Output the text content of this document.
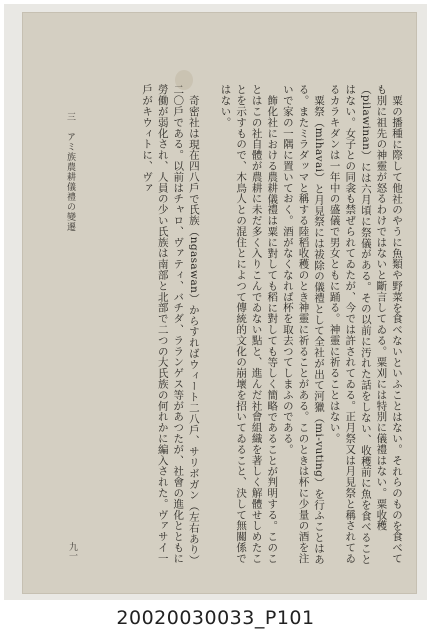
三　アミ族農耕儀禮の變遷	粟の播種に際して他社のやうに魚類や野菜を食べないといふことはない。それらのものを食べても別に祖先の神靈が怒るわけではないと斷言してゐる。粟刈には特別に儀禮はない。粟收穫（pilawinan）には六月頃に祭儀がある。その以前に汚れた話をしない、收穫前に魚を食べることはない。女子との同衾も禁ぜられてゐたが、今では許されてゐる。正月祭又は月見祭と稱されてゐるカラキダンは一年中の盛儀で男女ともに踊る。神靈に祈ることはない。

粟祭（mihavai）と月見祭には祓除の儀禮として全社が出て河獵（mi-vuting）を行ふことはある。またミラダッマと稱する陸稻收穫のとき神靈に祈ることがある。このときは杯に少量の酒を注いで家の一隅に置いておく。酒がなくなれば杯を取去つてしまふのである。

飾化社における農耕儀禮は粟に對しても稻に對しても等しく簡略であることが判明する。このことはこの社自體が農耕に未だ多く入りこんでゐない點と、進んだ社會組織を著しく解體せしめたことを示すもので、木鳥人との混住とによつて傳統的文化の崩壞を招いてゐること、決して無關係ではない。

奇密社は現在四八戶で氏族（ngasawan）からすればウィート二八戶、サリボガン（左右あり）二〇戶である。以前はチャロ、ヴァティ、バチダ、ラランゲス等があつたが、社會の進化とともに勞働が弱化され、人員の少い氏族は南部と北部で二つの大氏族の何れかに編入された。ヴァサイ一戶がキウィトに、ヴァ

九一
20020030033_P101
